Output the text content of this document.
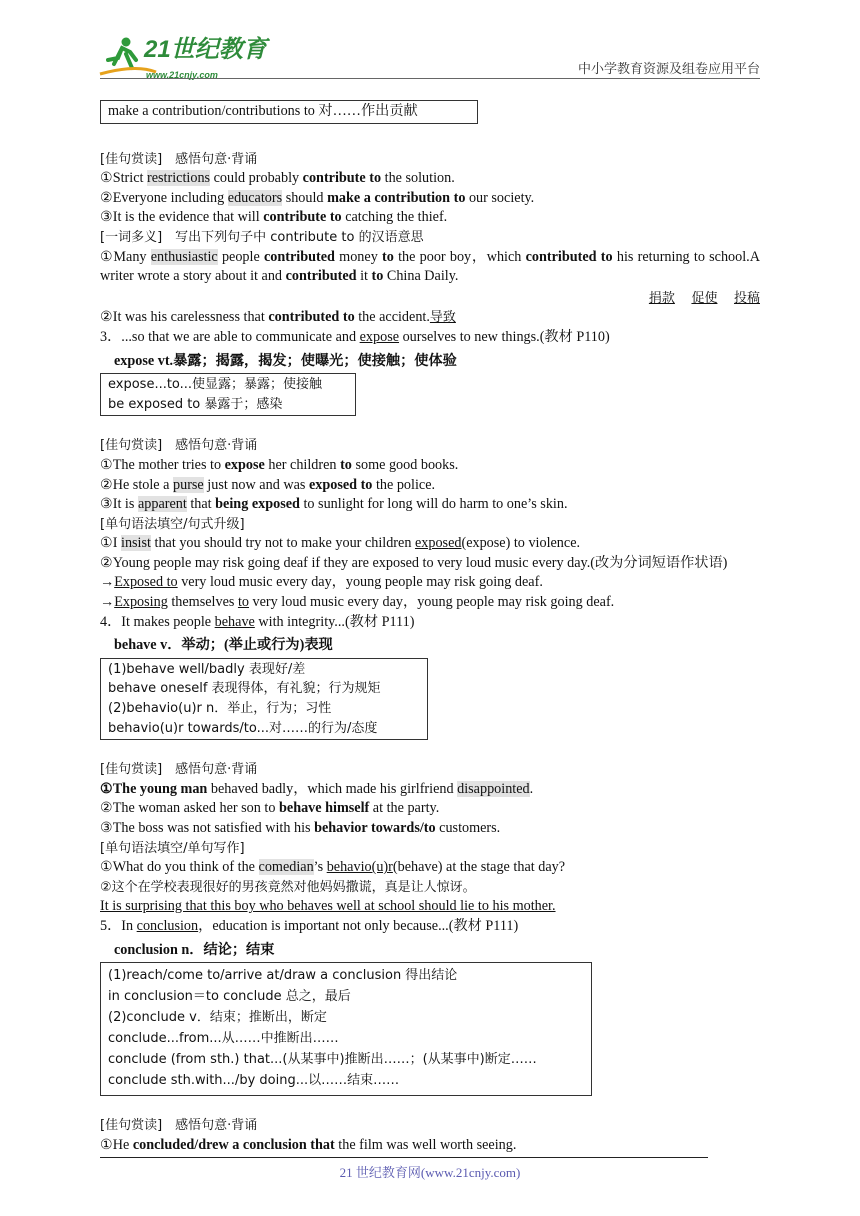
21世纪教育
www.21cnjy.com	中小学教育资源及组卷应用平台
make a contribution/contributions to 对……作出贡献
[佳句赏读]　感悟句意·背诵
①Strict restrictions could probably contribute to the solution.
②Everyone including educators should make a contribution to our society.
③It is the evidence that will contribute to catching the thief.
[一词多义]　写出下列句子中 contribute to 的汉语意思
①Many enthusiastic people contributed money to the poor boy，which contributed to his returning to school.A writer wrote a story about it and contributed it to China Daily.
捐款 促使 投稿
②It was his carelessness that contributed to the accident.导致
3．...so that we are able to communicate and expose ourselves to new things.(教材 P110)
expose vt.暴露；揭露，揭发；使曝光；使接触；使体验
expose...to...使显露；暴露；使接触
be exposed to 暴露于；感染
[佳句赏读]　感悟句意·背诵
①The mother tries to expose her children to some good books.
②He stole a purse just now and was exposed to the police.
③It is apparent that being exposed to sunlight for long will do harm to one’s skin.
[单句语法填空/句式升级]
①I insist that you should try not to make your children exposed(expose) to violence.
②Young people may risk going deaf if they are exposed to very loud music every day.(改为分词短语作状语)
→Exposed to very loud music every day，young people may risk going deaf.
→Exposing themselves to very loud music every day，young people may risk going deaf.
4．It makes people behave with integrity...(教材 P111)
behave v．举动；(举止或行为)表现
(1)behave well/badly 表现好/差
behave oneself 表现得体，有礼貌；行为规矩
(2)behavio(u)r n．举止，行为；习性
behavio(u)r towards/to...对……的行为/态度
[佳句赏读]　感悟句意·背诵
①The young man behaved badly，which made his girlfriend disappointed.
②The woman asked her son to behave himself at the party.
③The boss was not satisfied with his behavior towards/to customers.
[单句语法填空/单句写作]
①What do you think of the comedian’s behavio(u)r(behave) at the stage that day?
②这个在学校表现很好的男孩竟然对他妈妈撒谎，真是让人惊讶。
It is surprising that this boy who behaves well at school should lie to his mother.
5．In conclusion，education is important not only because...(教材 P111)
conclusion n．结论；结束
(1)reach/come to/arrive at/draw a conclusion 得出结论
in conclusion＝to conclude 总之，最后
(2)conclude v．结束；推断出，断定
conclude...from...从……中推断出……
conclude (from sth.) that...(从某事中)推断出……；(从某事中)断定……
conclude sth.with.../by doing...以……结束……
[佳句赏读]　感悟句意·背诵
①He concluded/drew a conclusion that the film was well worth seeing.
21 世纪教育网(www.21cnjy.com)
